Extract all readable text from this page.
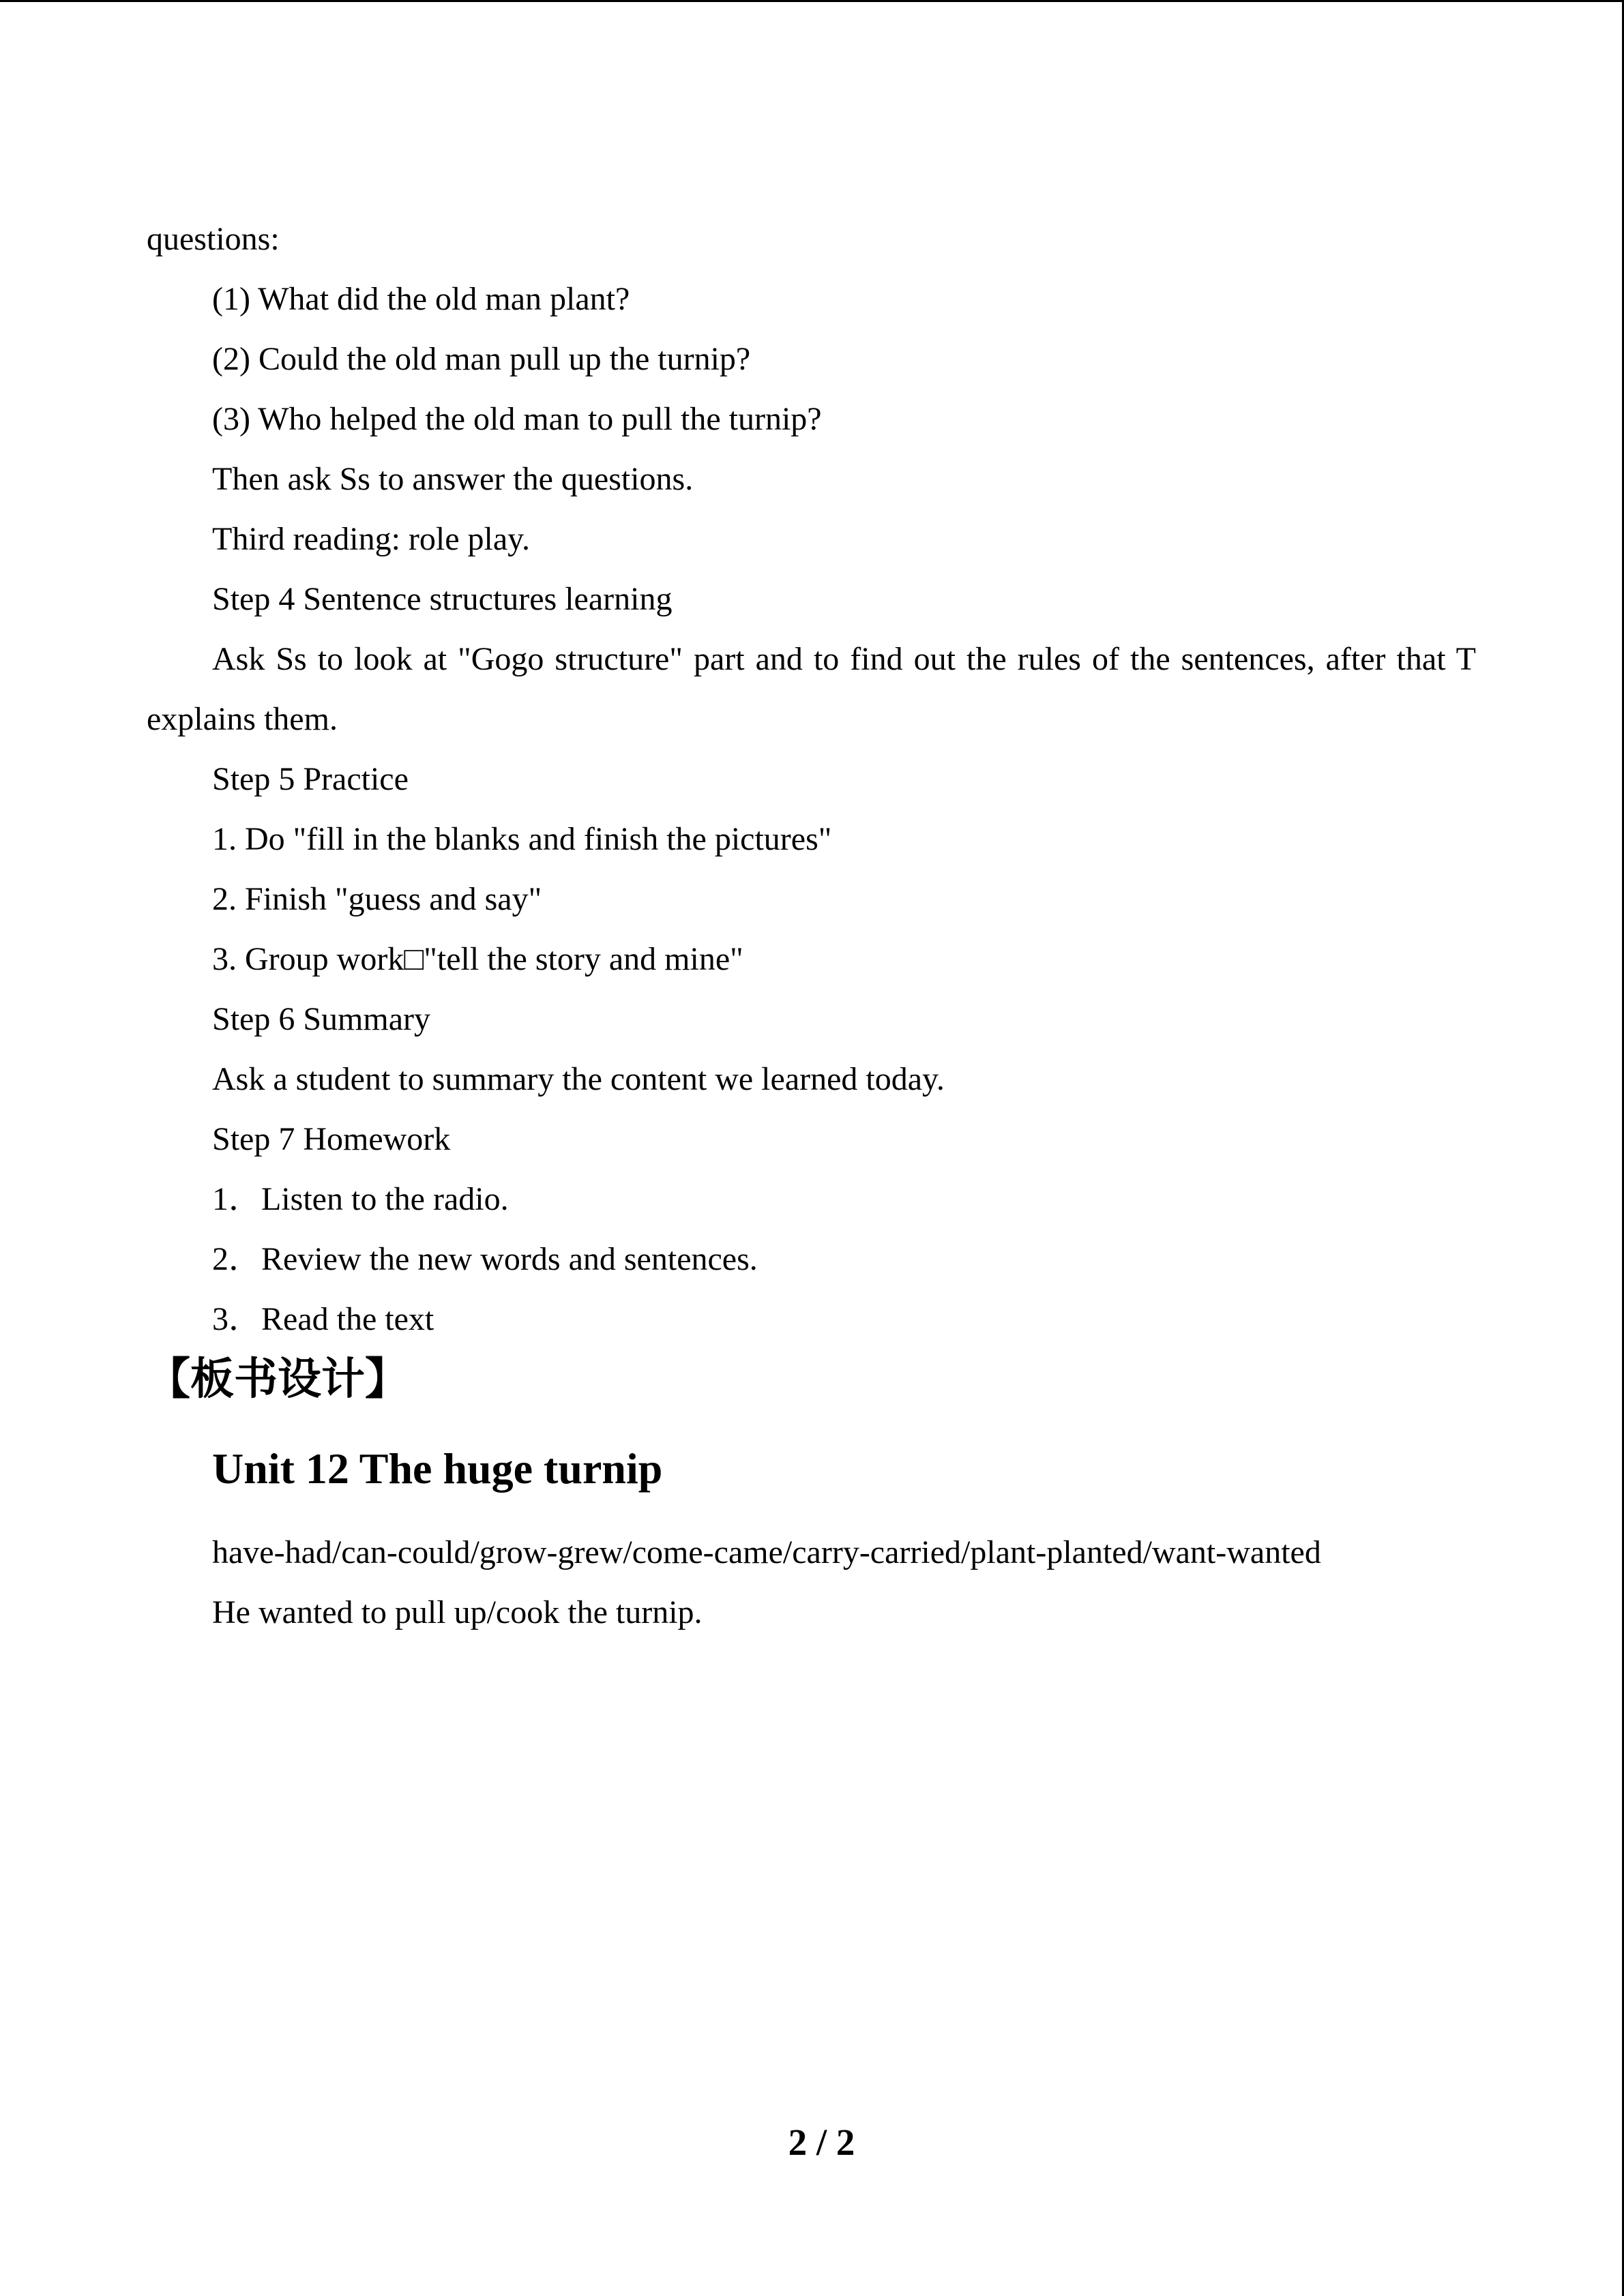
questions:
(1) What did the old man plant?
(2) Could the old man pull up the turnip?
(3) Who helped the old man to pull the turnip?
Then ask Ss to answer the questions.
Third reading: role play.
Step 4 Sentence structures learning
Ask Ss to look at "Gogo structure" part and to find out the rules of the sentences, after that T
explains them.
Step 5 Practice
1. Do "fill in the blanks and finish the pictures"
2. Finish "guess and say"
3. Group work□"tell the story and mine"
Step 6 Summary
Ask a student to summary the content we learned today.
Step 7 Homework
1．Listen to the radio.
2．Review the new words and sentences.
3．Read the text
【板书设计】
Unit 12 The huge turnip
have-had/can-could/grow-grew/come-came/carry-carried/plant-planted/want-wanted
He wanted to pull up/cook the turnip.
2 / 2
